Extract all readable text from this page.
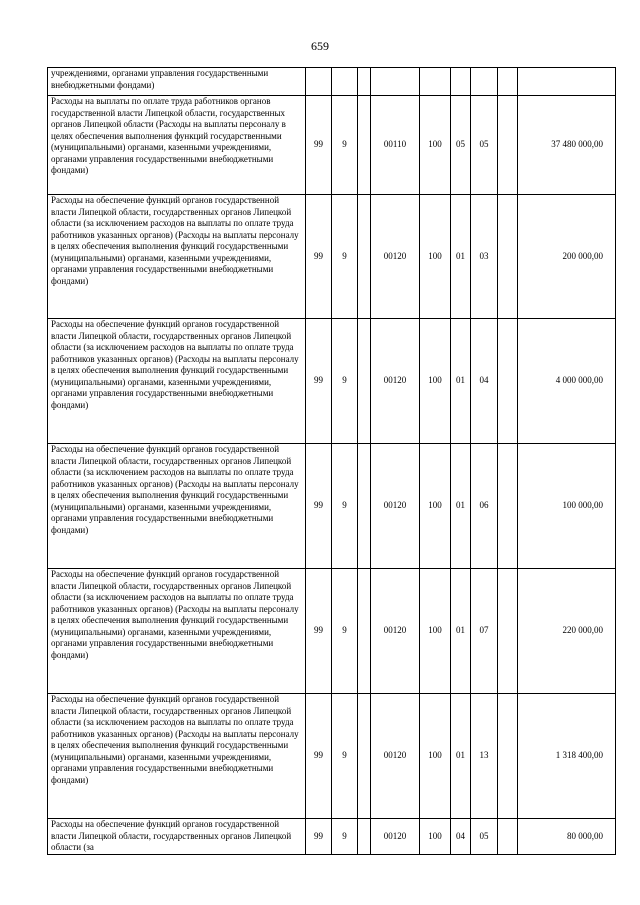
659
учреждениями, органами управления государственными внебюджетными фондами)									
Расходы на выплаты по оплате труда работников органов государственной власти Липецкой области, государственных органов Липецкой области (Расходы на выплаты персоналу в целях обеспечения выполнения функций государственными (муниципальными) органами, казенными учреждениями, органами управления государственными внебюджетными фондами)	99	9		00110	100	05	05		37 480 000,00
Расходы на обеспечение функций органов государственной власти Липецкой области, государственных органов Липецкой области (за исключением расходов на выплаты по оплате труда работников указанных органов) (Расходы на выплаты персоналу в целях обеспечения выполнения функций государственными (муниципальными) органами, казенными учреждениями, органами управления государственными внебюджетными фондами)	99	9		00120	100	01	03		200 000,00
Расходы на обеспечение функций органов государственной власти Липецкой области, государственных органов Липецкой области (за исключением расходов на выплаты по оплате труда работников указанных органов) (Расходы на выплаты персоналу в целях обеспечения выполнения функций государственными (муниципальными) органами, казенными учреждениями, органами управления государственными внебюджетными фондами)	99	9		00120	100	01	04		4 000 000,00
Расходы на обеспечение функций органов государственной власти Липецкой области, государственных органов Липецкой области (за исключением расходов на выплаты по оплате труда работников указанных органов) (Расходы на выплаты персоналу в целях обеспечения выполнения функций государственными (муниципальными) органами, казенными учреждениями, органами управления государственными внебюджетными фондами)	99	9		00120	100	01	06		100 000,00
Расходы на обеспечение функций органов государственной власти Липецкой области, государственных органов Липецкой области (за исключением расходов на выплаты по оплате труда работников указанных органов) (Расходы на выплаты персоналу в целях обеспечения выполнения функций государственными (муниципальными) органами, казенными учреждениями, органами управления государственными внебюджетными фондами)	99	9		00120	100	01	07		220 000,00
Расходы на обеспечение функций органов государственной власти Липецкой области, государственных органов Липецкой области (за исключением расходов на выплаты по оплате труда работников указанных органов) (Расходы на выплаты персоналу в целях обеспечения выполнения функций государственными (муниципальными) органами, казенными учреждениями, органами управления государственными внебюджетными фондами)	99	9		00120	100	01	13		1 318 400,00

Расходы на обеспечение функций органов государственной власти Липецкой области, государственных органов Липецкой области (за	99	9		00120	100	04	05		80 000,00
